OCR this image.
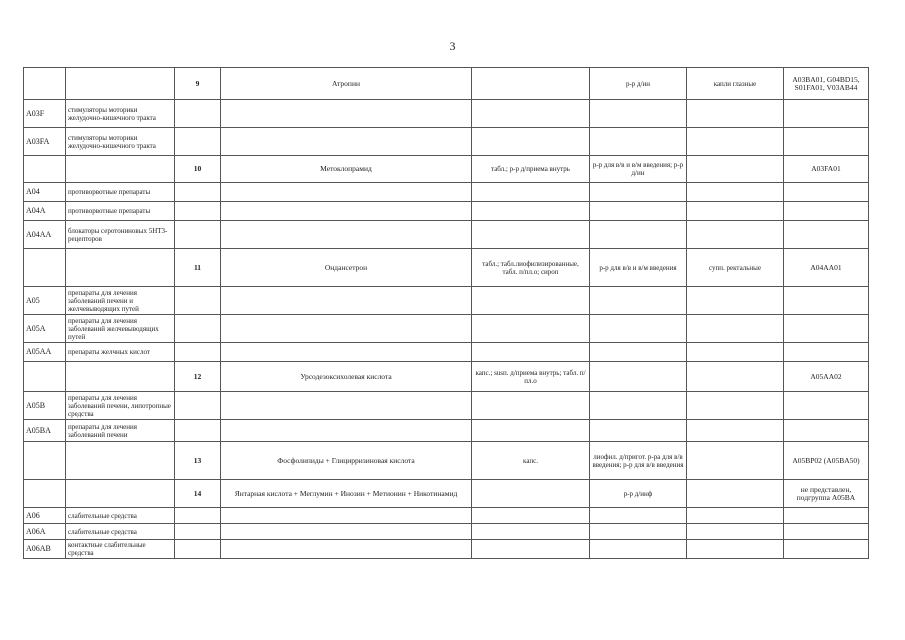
3
		9	Атропин		р-р д/ин	капли глазные	A03BA01, G04BD15, S01FA01, V03AB44
A03F	стимуляторы моторики желудочно-кишечного тракта						
A03FA	стимуляторы моторики желудочно-кишечного тракта						
		10	Метоклопрамид	табл.; р-р д/приема внутрь	р-р для в/в и в/м введения; р-р д/ин		A03FA01
A04	противорвотные препараты						
A04A	противорвотные препараты						
A04AA	блокаторы серотониновых 5НТ3-рецепторов						
		11	Ондансетрон	табл.; табл.лиофилизированные, табл. п/пл.о; сироп	р-р для в/в и в/м введения	супп. ректальные	A04AA01
A05	препараты для лечения заболеваний печени и желчевыводящих путей						
A05A	препараты для лечения заболеваний желчевыводящих путей						
A05AA	препараты желчных кислот						
		12	Урсодезоксихолевая кислота	капс.; susп. д/приема внутрь; табл. п/пл.о			A05AA02
A05B	препараты для лечения заболеваний печени, липотропные средства						
A05BA	препараты для лечения заболеваний печени						
		13	Фосфолипиды + Глицирризиновая кислота	капс.	лиофил. д/пригот. р-ра для в/в введения; р-р для в/в введения		A05BP02 (A05BA50)
		14	Янтарная кислота + Меглумин + Инозин + Метионин + Никотинамид		р-р д/инф		не представлен, подгруппа A05BA
A06	слабительные средства						
A06A	слабительные средства						
A06AB	контактные слабительные средства						
